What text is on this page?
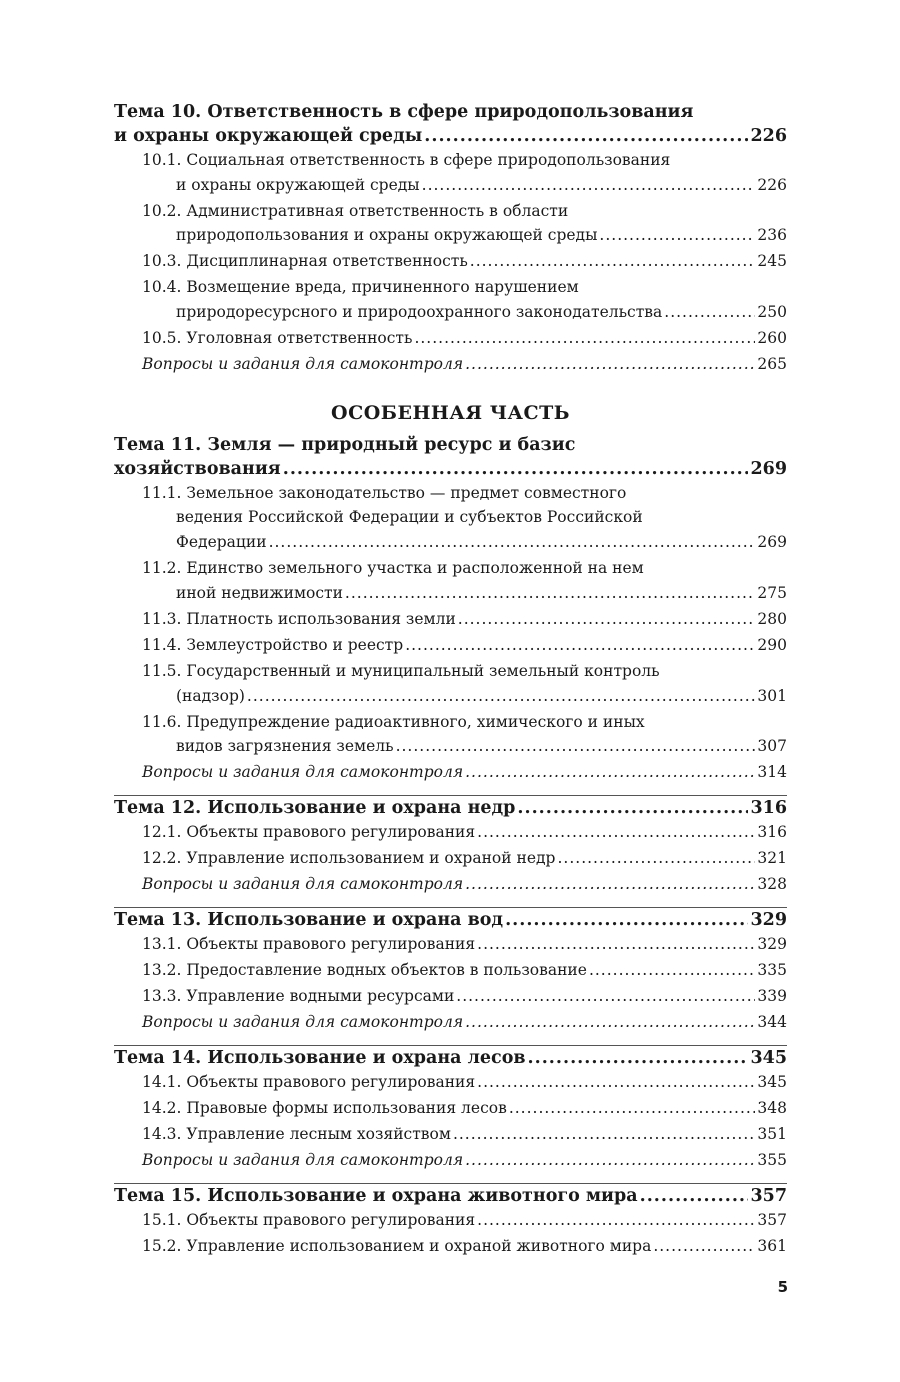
Тема 10. Ответственность в сфере природопользования
и охраны окружающей среды .....	226
10.1. Социальная ответственность в сфере природопользования
и охраны окружающей среды .....	226
10.2. Административная ответственность в области
природопользования и охраны окружающей среды .....	236
10.3. Дисциплинарная ответственность .....	245
10.4. Возмещение вреда, причиненного нарушением
природоресурсного и природоохранного законодательства .....	250
10.5. Уголовная ответственность .....	260
Вопросы и задания для самоконтроля .....	265
ОСОБЕННАЯ ЧАСТЬ
Тема 11. Земля — природный ресурс и базис
хозяйствования .....	269
11.1. Земельное законодательство — предмет совместного
ведения Российской Федерации и субъектов Российской
Федерации .....	269
11.2. Единство земельного участка и расположенной на нем
иной недвижимости .....	275
11.3. Платность использования земли .....	280
11.4. Землеустройство и реестр .....	290
11.5. Государственный и муниципальный земельный контроль
(надзор) .....	301
11.6. Предупреждение радиоактивного, химического и иных
видов загрязнения земель .....	307
Вопросы и задания для самоконтроля .....	314
Тема 12. Использование и охрана недр .....	316
12.1. Объекты правового регулирования .....	316
12.2. Управление использованием и охраной недр .....	321
Вопросы и задания для самоконтроля .....	328
Тема 13. Использование и охрана вод .....	329
13.1. Объекты правового регулирования .....	329
13.2. Предоставление водных объектов в пользование .....	335
13.3. Управление водными ресурсами .....	339
Вопросы и задания для самоконтроля .....	344
Тема 14. Использование и охрана лесов .....	345
14.1. Объекты правового регулирования .....	345
14.2. Правовые формы использования лесов .....	348
14.3. Управление лесным хозяйством .....	351
Вопросы и задания для самоконтроля .....	355
Тема 15. Использование и охрана животного мира .....	357
15.1. Объекты правового регулирования .....	357
15.2. Управление использованием и охраной животного мира .....	361
5
